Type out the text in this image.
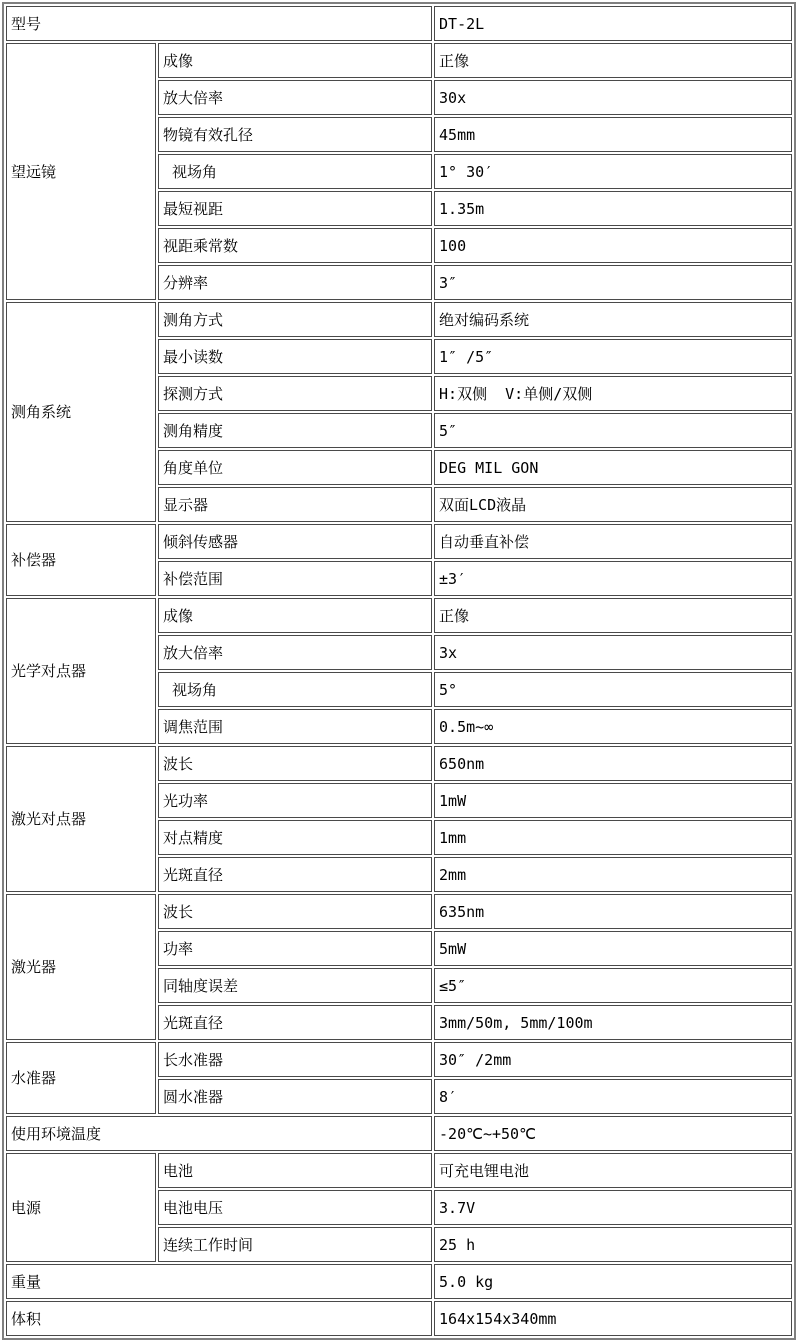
型号		DT-2L
望远镜	成像	正像
	放大倍率	30x
	物镜有效孔径	45mm
	视场角	1° 30′
	最短视距	1.35m
	视距乘常数	100
	分辨率	3″
测角系统	测角方式	绝对编码系统
	最小读数	1″ /5″
	探测方式	H:双侧  V:单侧/双侧
	测角精度	5″
	角度单位	DEG MIL GON
	显示器	双面LCD液晶
补偿器	倾斜传感器	自动垂直补偿
	补偿范围	±3′
光学对点器	成像	正像
	放大倍率	3x
	视场角	5°
	调焦范围	0.5m~∞
激光对点器	波长	650nm
	光功率	1mW
	对点精度	1mm
	光斑直径	2mm
激光器	波长	635nm
	功率	5mW
	同轴度误差	≤5″
	光斑直径	3mm/50m, 5mm/100m
水准器	长水准器	30″ /2mm
	圆水准器	8′
使用环境温度		-20℃~+50℃
电源	电池	可充电锂电池
	电池电压	3.7V
	连续工作时间	25 h
重量		5.0 kg
体积		164x154x340mm
